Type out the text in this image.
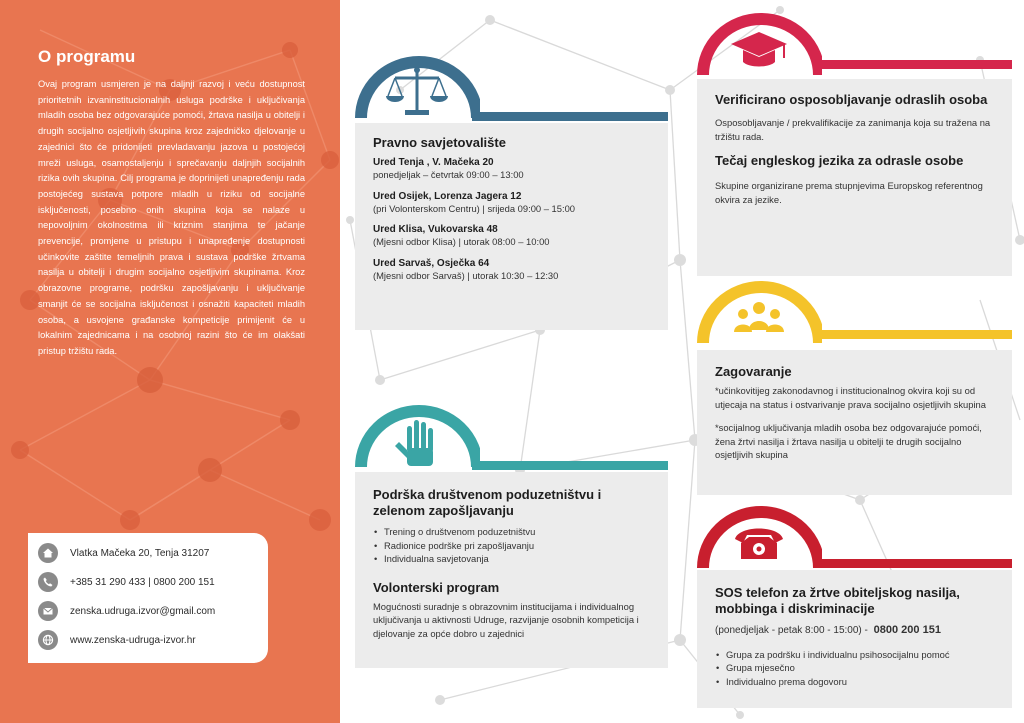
O programu
Ovaj program usmjeren je na daljnji razvoj i veću dostupnost prioritetnih izvaninstitucionalnih usluga podrške i uključivanja mladih osoba bez odgovarajuće pomoći, žrtava nasilja u obitelji i drugih socijalno osjetljivih skupina kroz zajedničko djelovanje u zajednici što će pridonijeti prevladavanju jazova u postojećoj mreži usluga, osamostaljenju i sprečavanju daljnjih socijalnih rizika ovih skupina. Cilj programa je doprinijeti unapređenju rada postojećeg sustava potpore mladih u riziku od socijalne isključenosti, posebno onih skupina koja se nalaze u nepovoljnim okolnostima ili kriznim stanjima te jačanje prevencije, promjene u pristupu i unapređenje dostupnosti učinkovite zaštite temeljnih prava i sustava podrške žrtvama nasilja u obitelji i drugim socijalno osjetljivim skupinama. Kroz obrazovne programe, podršku zapošljavanju i uključivanje smanjit će se socijalna isključenost i osnažiti kapaciteti mladih osoba, a usvojene građanske kompeticije primijenit će u lokalnim zajednicama i na osobnoj razini što će im olakšati pristup tržištu rada.
Vlatka Mačeka 20, Tenja 31207
+385 31 290 433 | 0800 200 151
zenska.udruga.izvor@gmail.com
www.zenska-udruga-izvor.hr
Pravno savjetovalište
Ured Tenja , V. Mačeka 20

ponedjeljak – četvrtak 09:00 – 13:00

Ured Osijek, Lorenza Jagera 12

(pri Volonterskom Centru) | srijeda 09:00 – 15:00

Ured Klisa, Vukovarska 48

(Mjesni odbor Klisa) | utorak 08:00 – 10:00

Ured Sarvaš, Osječka 64

(Mjesni odbor Sarvaš) | utorak 10:30 – 12:30

Podrška društvenom poduzetništvu i zelenom zapošljavanju
• Trening o društvenom poduzetništvu
• Radionice podrške pri zapošljavanju
• Individualna savjetovanja
Volonterski program

Mogućnosti suradnje s obrazovnim institucijama i individualnog uključivanja u aktivnosti Udruge, razvijanje osobnih kompeticija i djelovanje za opće dobro u zajednici

Verificirano osposobljavanje odraslih osoba

Osposobljavanje / prekvalifikacije za zanimanja koja su tražena na tržištu rada.

Tečaj engleskog jezika za odrasle osobe

Skupine organizirane prema stupnjevima Europskog referentnog okvira za jezike.

Zagovaranje

*učinkovitijeg zakonodavnog i institucionalnog okvira koji su od utjecaja na status i ostvarivanje prava socijalno osjetljivih skupina

*socijalnog uključivanja mladih osoba bez odgovarajuće pomoći, žena žrtvi nasilja i žrtava nasilja u obitelji te drugih socijalno osjetljivih skupina

SOS telefon za žrtve obiteljskog nasilja, mobbinga i diskriminacije

(ponedjeljak - petak 8:00 - 15:00) - 0800 200 151

• Grupa za podršku i individualnu psihosocijalnu pomoć
• Grupa mjesečno
• Individualno prema dogovoru
